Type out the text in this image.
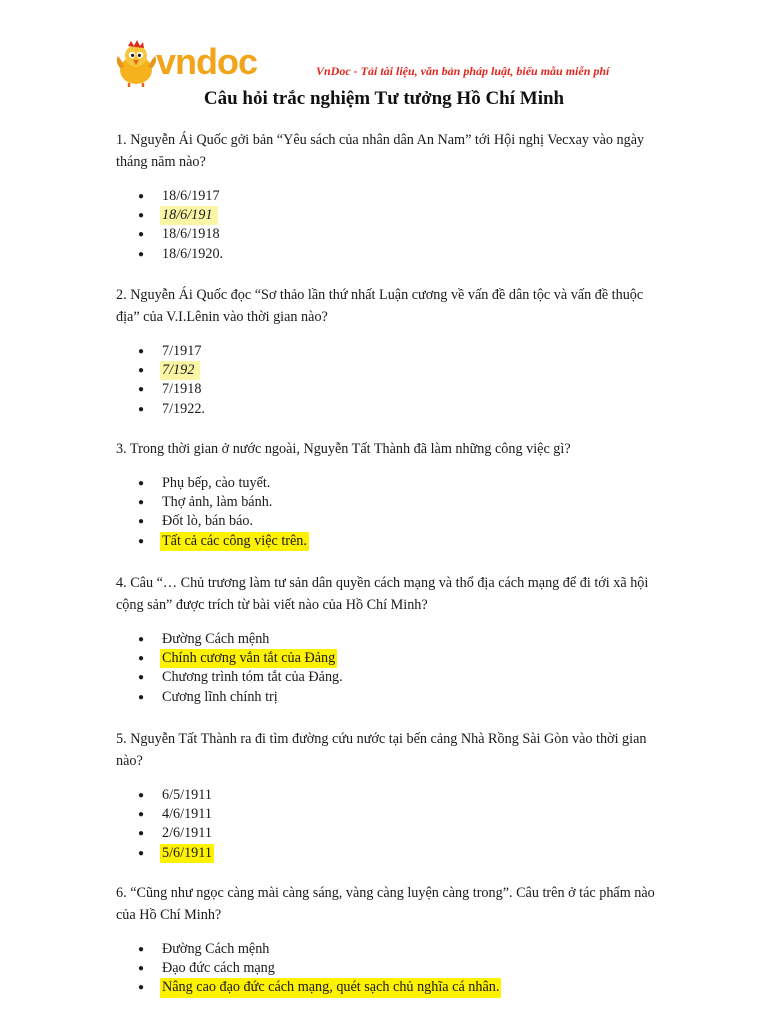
vndoc	VnDoc - Tải tài liệu, văn bản pháp luật, biểu mẫu miễn phí
Câu hỏi trắc nghiệm Tư tưởng Hồ Chí Minh

1. Nguyễn Ái Quốc gởi bản “Yêu sách của nhân dân An Nam” tới Hội nghị Vecxay vào ngày tháng năm nào?

● 18/6/1917
● 18/6/191
● 18/6/1918
● 18/6/1920.

2. Nguyễn Ái Quốc đọc “Sơ thảo lần thứ nhất Luận cương về vấn đề dân tộc và vấn đề thuộc địa” của V.I.Lênin vào thời gian nào?

● 7/1917
● 7/192
● 7/1918
● 7/1922.

3. Trong thời gian ở nước ngoài, Nguyễn Tất Thành đã làm những công việc gì?

● Phụ bếp, cào tuyết.
● Thợ ảnh, làm bánh.
● Đốt lò, bán báo.
● Tất cả các công việc trên.

4. Câu “… Chủ trương làm tư sản dân quyền cách mạng và thổ địa cách mạng để đi tới xã hội cộng sản” được trích từ bài viết nào của Hồ Chí Minh?

● Đường Cách mệnh
● Chính cương vắn tắt của Đảng
● Chương trình tóm tắt của Đảng.
● Cương lĩnh chính trị

5. Nguyễn Tất Thành ra đi tìm đường cứu nước tại bến cảng Nhà Rồng Sài Gòn vào thời gian nào?

● 6/5/1911
● 4/6/1911
● 2/6/1911
● 5/6/1911

6. “Cũng như ngọc càng mài càng sáng, vàng càng luyện càng trong”. Câu trên ở tác phẩm nào của Hồ Chí Minh?

● Đường Cách mệnh
● Đạo đức cách mạng
● Nâng cao đạo đức cách mạng, quét sạch chủ nghĩa cá nhân.
